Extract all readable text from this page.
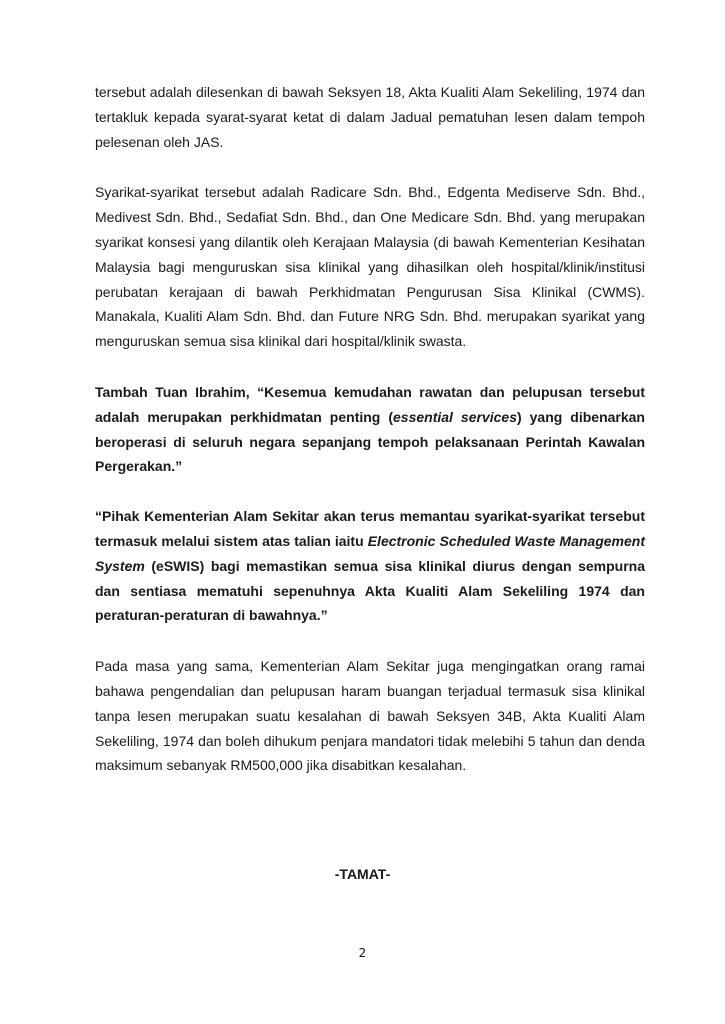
tersebut adalah dilesenkan di bawah Seksyen 18, Akta Kualiti Alam Sekeliling, 1974 dan tertakluk kepada syarat-syarat ketat di dalam Jadual pematuhan lesen dalam tempoh pelesenan oleh JAS.

Syarikat-syarikat tersebut adalah Radicare Sdn. Bhd., Edgenta Mediserve Sdn. Bhd., Medivest Sdn. Bhd., Sedafiat Sdn. Bhd., dan One Medicare Sdn. Bhd. yang merupakan syarikat konsesi yang dilantik oleh Kerajaan Malaysia (di bawah Kementerian Kesihatan Malaysia bagi menguruskan sisa klinikal yang dihasilkan oleh hospital/klinik/institusi perubatan kerajaan di bawah Perkhidmatan Pengurusan Sisa Klinikal (CWMS). Manakala, Kualiti Alam Sdn. Bhd. dan Future NRG Sdn. Bhd. merupakan syarikat yang menguruskan semua sisa klinikal dari hospital/klinik swasta.

Tambah Tuan Ibrahim, “Kesemua kemudahan rawatan dan pelupusan tersebut adalah merupakan perkhidmatan penting (essential services) yang dibenarkan beroperasi di seluruh negara sepanjang tempoh pelaksanaan Perintah Kawalan Pergerakan.”

“Pihak Kementerian Alam Sekitar akan terus memantau syarikat-syarikat tersebut termasuk melalui sistem atas talian iaitu Electronic Scheduled Waste Management System (eSWIS) bagi memastikan semua sisa klinikal diurus dengan sempurna dan sentiasa mematuhi sepenuhnya Akta Kualiti Alam Sekeliling 1974 dan peraturan-peraturan di bawahnya.”

Pada masa yang sama, Kementerian Alam Sekitar juga mengingatkan orang ramai bahawa pengendalian dan pelupusan haram buangan terjadual termasuk sisa klinikal tanpa lesen merupakan suatu kesalahan di bawah Seksyen 34B, Akta Kualiti Alam Sekeliling, 1974 dan boleh dihukum penjara mandatori tidak melebihi 5 tahun dan denda maksimum sebanyak RM500,000 jika disabitkan kesalahan.

-TAMAT-
2
